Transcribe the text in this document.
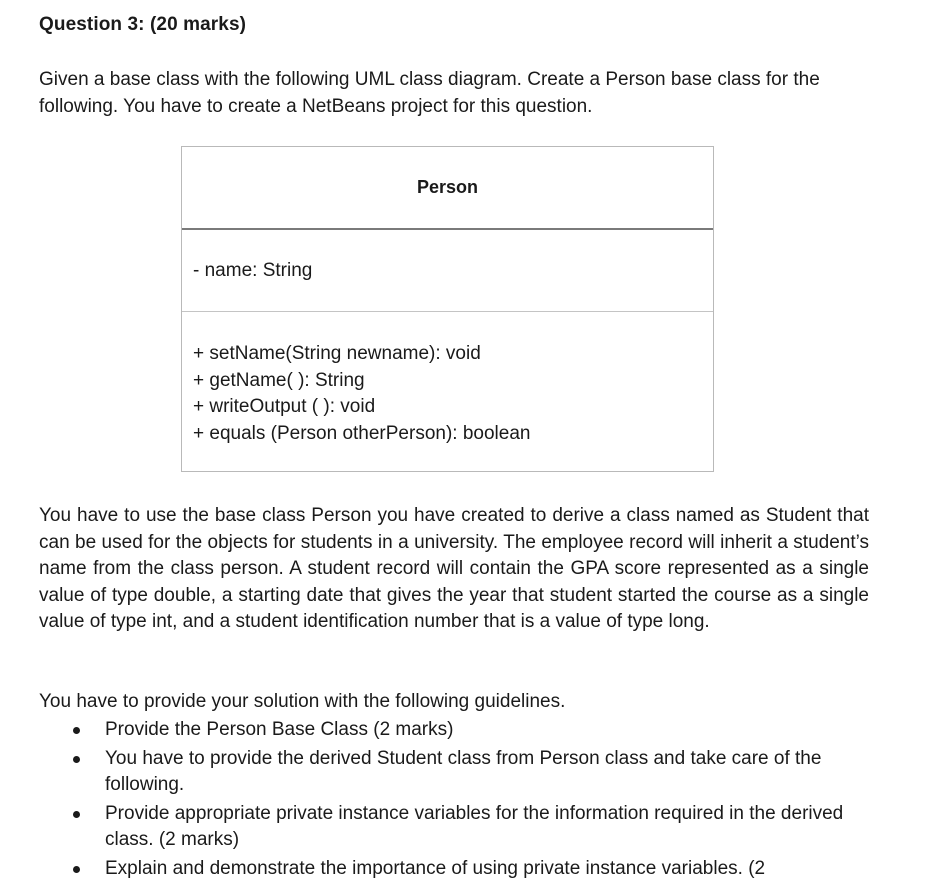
Question 3: (20 marks)

Given a base class with the following UML class diagram. Create a Person base class for the following. You have to create a NetBeans project for this question.

Person
- name: String
+ setName(String newname): void
+ getName( ): String
+ writeOutput ( ): void
+ equals (Person otherPerson): boolean

You have to use the base class Person you have created to derive a class named as Student that can be used for the objects for students in a university. The employee record will inherit a student’s name from the class person. A student record will contain the GPA score represented as a single value of type double, a starting date that gives the year that student started the course as a single value of type int, and a student identification number that is a value of type long.

You have to provide your solution with the following guidelines.

Provide the Person Base Class (2 marks)
You have to provide the derived Student class from Person class and take care of the following.
Provide appropriate private instance variables for the information required in the derived class. (2 marks)
Explain and demonstrate the importance of using private instance variables. (2
